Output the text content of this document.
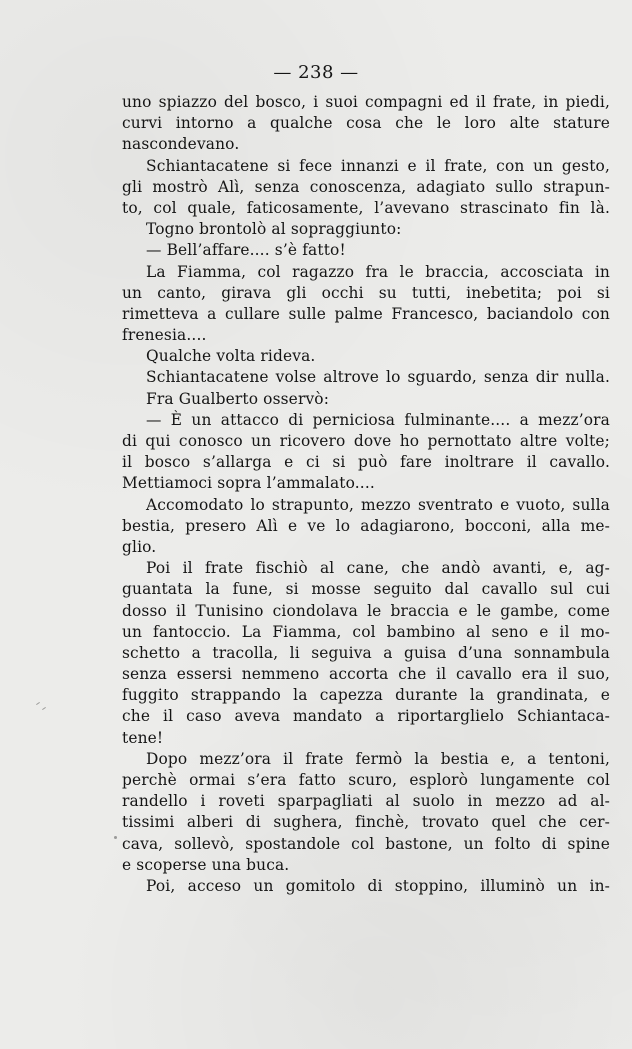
— 238 —
uno spiazzo del bosco, i suoi compagni ed il frate, in piedi,
curvi intorno a qualche cosa che le loro alte stature
nascondevano.
Schiantacatene si fece innanzi e il frate, con un gesto,
gli mostrò Alì, senza conoscenza, adagiato sullo strapun-
to, col quale, faticosamente, l’avevano strascinato fin là.
Togno brontolò al sopraggiunto:
— Bell’affare.... s’è fatto!
La Fiamma, col ragazzo fra le braccia, accosciata in
un canto, girava gli occhi su tutti, inebetita; poi si
rimetteva a cullare sulle palme Francesco, baciandolo con
frenesia....
Qualche volta rideva.
Schiantacatene volse altrove lo sguardo, senza dir nulla.
Fra Gualberto osservò:
— È un attacco di perniciosa fulminante.... a mezz’ora
di qui conosco un ricovero dove ho pernottato altre volte;
il bosco s’allarga e ci si può fare inoltrare il cavallo.
Mettiamoci sopra l’ammalato....
Accomodato lo strapunto, mezzo sventrato e vuoto, sulla
bestia, presero Alì e ve lo adagiarono, bocconi, alla me-
glio.
Poi il frate fischiò al cane, che andò avanti, e, ag-
guantata la fune, si mosse seguito dal cavallo sul cui
dosso il Tunisino ciondolava le braccia e le gambe, come
un fantoccio. La Fiamma, col bambino al seno e il mo-
schetto a tracolla, li seguiva a guisa d’una sonnambula
senza essersi nemmeno accorta che il cavallo era il suo,
fuggito strappando la capezza durante la grandinata, e
che il caso aveva mandato a riportarglielo Schiantaca-
tene!
Dopo mezz’ora il frate fermò la bestia e, a tentoni,
perchè ormai s’era fatto scuro, esplorò lungamente col
randello i roveti sparpagliati al suolo in mezzo ad al-
tissimi alberi di sughera, finchè, trovato quel che cer-
cava, sollevò, spostandole col bastone, un folto di spine
e scoperse una buca.
Poi, acceso un gomitolo di stoppino, illuminò un in-
